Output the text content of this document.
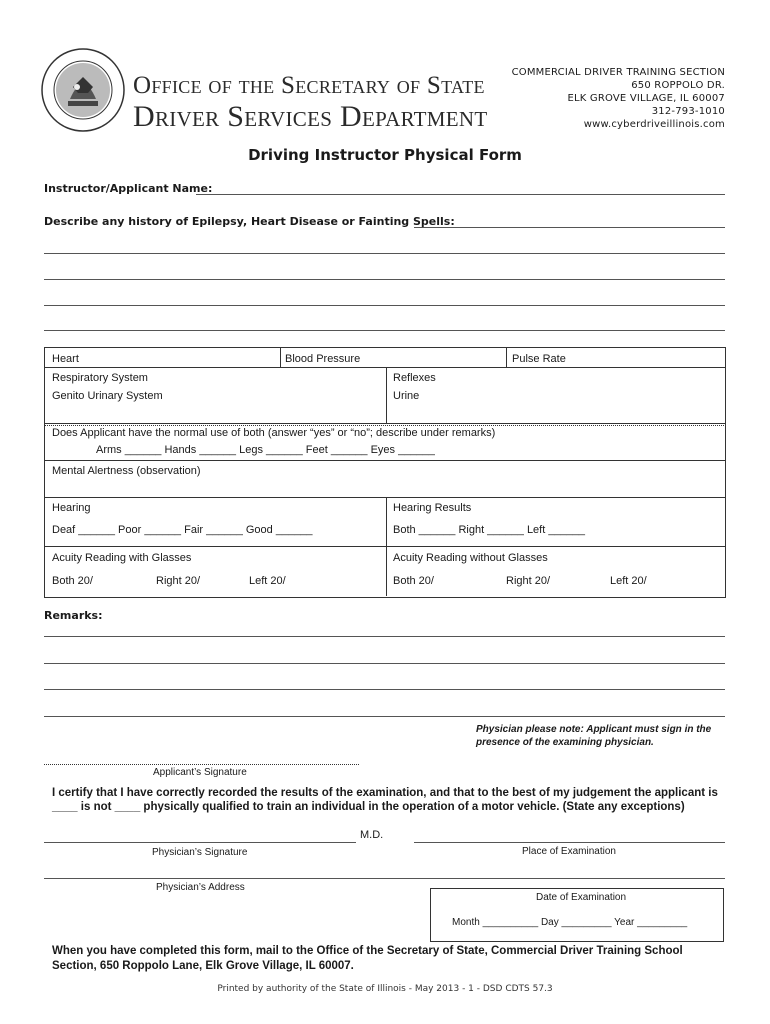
Office of the Secretary of State
Driver Services Department
COMMERCIAL DRIVER TRAINING SECTION
650 ROPPOLO DR.
ELK GROVE VILLAGE, IL 60007
312-793-1010
www.cyberdriveillinois.com
Driving Instructor Physical Form
Instructor/Applicant Name:
Describe any history of Epilepsy, Heart Disease or Fainting Spells:
Heart	Blood Pressure	Pulse Rate
Respiratory System	Reflexes
Genito Urinary System	Urine
Does Applicant have the normal use of both (answer “yes” or “no”; describe under remarks)
Arms ______ Hands ______ Legs ______ Feet ______ Eyes ______
Mental Alertness (observation)
Hearing	Hearing Results
Deaf ______ Poor ______ Fair ______ Good ______	Both ______ Right ______ Left ______
Acuity Reading with Glasses	Acuity Reading without Glasses
Both 20/	Right 20/	Left 20/	Both 20/	Right 20/	Left 20/
Remarks:
Physician please note: Applicant must sign in the presence of the examining physician.
Applicant’s Signature
I certify that I have correctly recorded the results of the examination, and that to the best of my judgement the applicant is ____ is not ____ physically qualified to train an individual in the operation of a motor vehicle. (State any exceptions)
M.D.
Physician’s Signature	Place of Examination
Physician’s Address
Date of Examination
Month __________ Day _________ Year _________
When you have completed this form, mail to the Office of the Secretary of State, Commercial Driver Training School Section, 650 Roppolo Lane, Elk Grove Village, IL 60007.
Printed by authority of the State of Illinois - May 2013 - 1 - DSD CDTS 57.3
